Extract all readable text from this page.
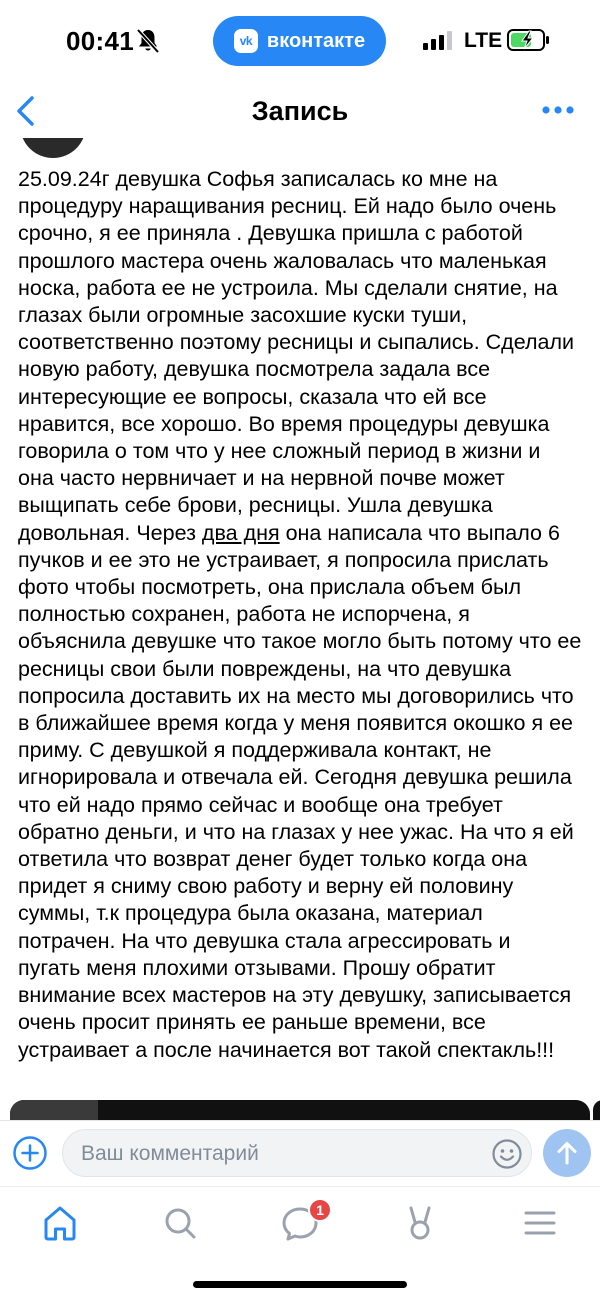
00:41	vk вконтакте	LTE
Запись
25.09.24г девушка Софья записалась ко мне на
процедуру наращивания ресниц. Ей надо было очень
срочно, я ее приняла . Девушка пришла с работой
прошлого мастера очень жаловалась что маленькая
носка, работа ее не устроила. Мы сделали снятие, на
глазах были огромные засохшие куски туши,
соответственно поэтому ресницы и сыпались. Сделали
новую работу, девушка посмотрела задала все
интересующие ее вопросы, сказала что ей все
нравится, все хорошо. Во время процедуры девушка
говорила о том что у нее сложный период в жизни и
она часто нервничает и на нервной почве может
выщипать себе брови, ресницы. Ушла девушка
довольная. Через два дня она написала что выпало 6
пучков и ее это не устраивает, я попросила прислать
фото чтобы посмотреть, она прислала объем был
полностью сохранен, работа не испорчена, я
объяснила девушке что такое могло быть потому что ее
ресницы свои были повреждены, на что девушка
попросила доставить их на место мы договорились что
в ближайшее время когда у меня появится окошко я ее
приму. С девушкой я поддерживала контакт, не
игнорировала и отвечала ей. Сегодня девушка решила
что ей надо прямо сейчас и вообще она требует
обратно деньги, и что на глазах у нее ужас. На что я ей
ответила что возврат денег будет только когда она
придет я сниму свою работу и верну ей половину
суммы, т.к процедура была оказана, материал
потрачен. На что девушка стала агрессировать и
пугать меня плохими отзывами. Прошу обратит
внимание всех мастеров на эту девушку, записывается
очень просит принять ее раньше времени, все
устраивает а после начинается вот такой спектакль!!!
Ваш комментарий
1
